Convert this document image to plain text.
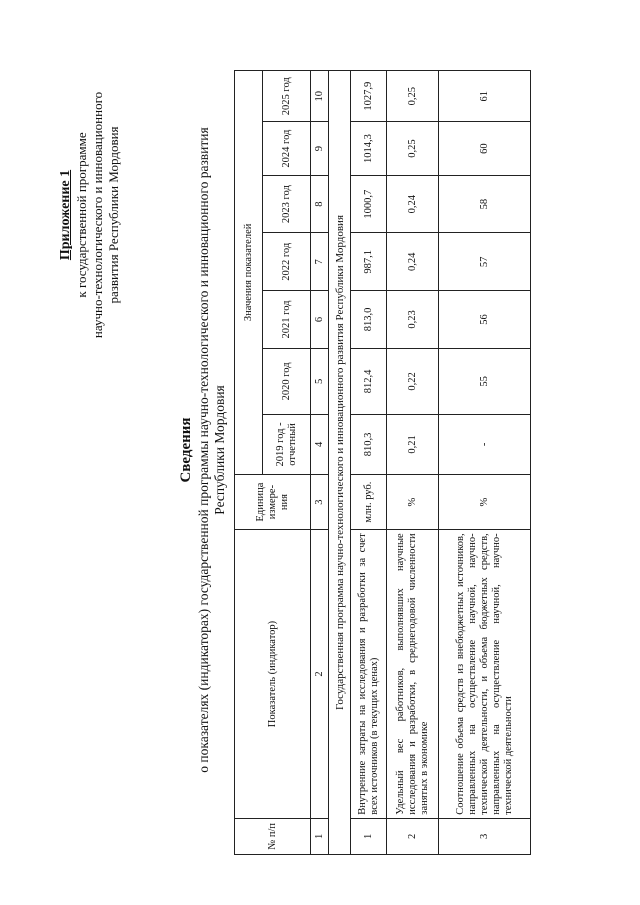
Приложение 1 к государственной программе научно-технологического и инновационного развития Республики Мордовия
Сведения о показателях (индикаторах) государственной программы научно-технологического и инновационного развития Республики Мордовия
№ п/п	Показатель (индикатор)	Единица измере-ния	Значения показателей						
			2019 год - отчетный	2020 год	2021 год	2022 год	2023 год	2024 год	2025 год
1	2	3	4	5	6	7	8	9	10
Государственная программа научно-технологического и инновационного развития Республики Мордовия									
1	Внутренние затраты на исследования и разработки за счет всех источников (в текущих ценах)	млн. руб.	810,3	812,4	813,0	987,1	1000,7	1014,3	1027,9
2	Удельный вес работников, выполнявших научные исследования и разработки, в среднегодовой численности занятых в экономике	%	0,21	0,22	0,23	0,24	0,24	0,25	0,25
3	Соотношение объема средств из внебюджетных источников, направленных на осуществление научной, научно-технической деятельности, и объема бюджетных средств, направленных на осуществление научной, научно-технической деятельности	%	-	55	56	57	58	60	61
